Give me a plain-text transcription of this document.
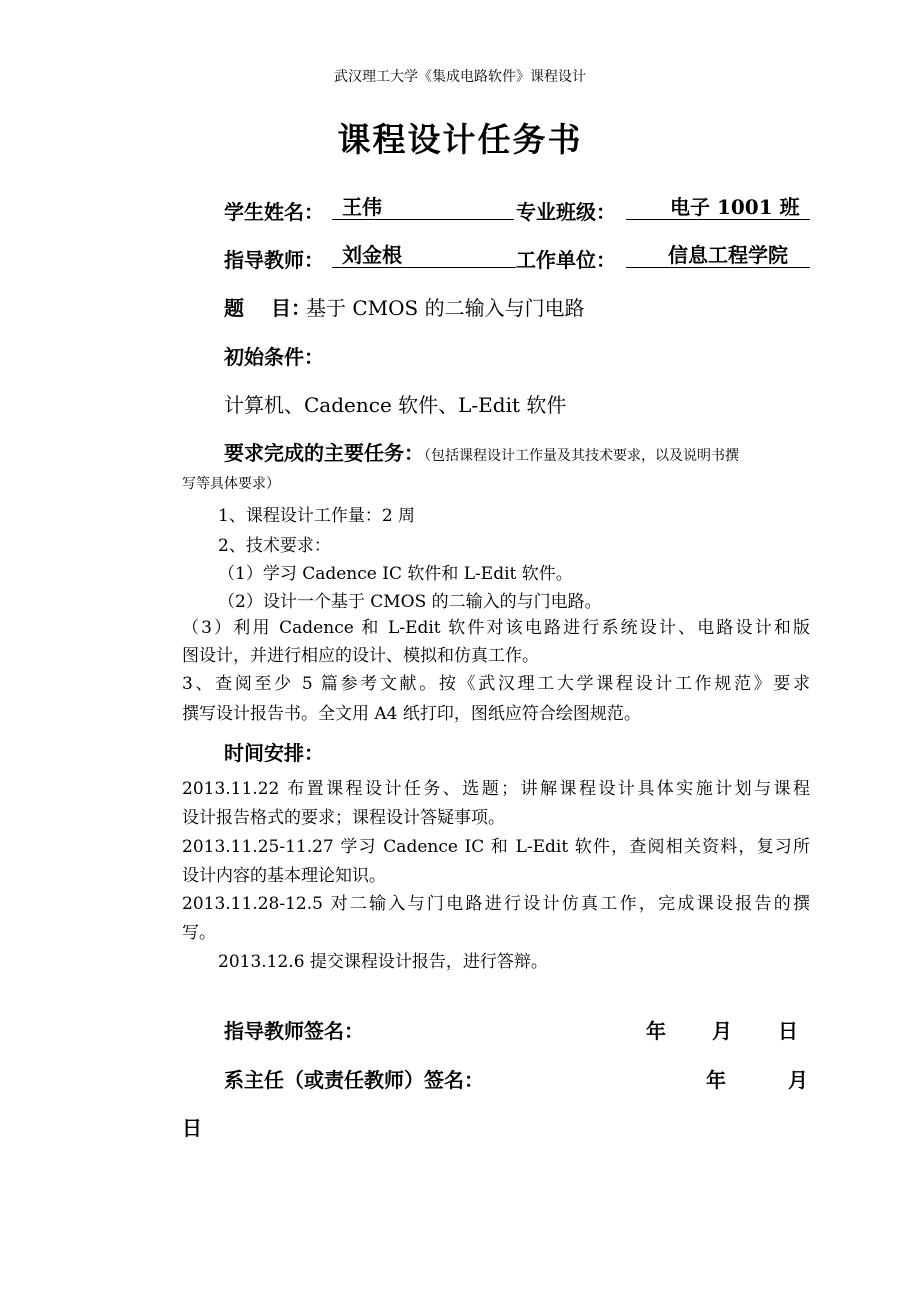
武汉理工大学《集成电路软件》课程设计
课程设计任务书
学生姓名： 王伟	专业班级：	电子 1001 班
指导教师： 刘金根	工作单位：	信息工程学院
题　 目：
基于 CMOS 的二输入与门电路
初始条件：
计算机、Cadence 软件、L-Edit 软件
要求完成的主要任务：（包括课程设计工作量及其技术要求，以及说明书撰
写等具体要求）
1、课程设计工作量：2 周
2、技术要求：
（1）学习 Cadence IC 软件和 L-Edit 软件。
（2）设计一个基于 CMOS 的二输入的与门电路。
（3）利用 Cadence 和 L-Edit 软件对该电路进行系统设计、电路设计和版
图设计，并进行相应的设计、模拟和仿真工作。
3、查阅至少 5 篇参考文献。按《武汉理工大学课程设计工作规范》要求
撰写设计报告书。全文用 A4 纸打印，图纸应符合绘图规范。
时间安排：
2013.11.22 布置课程设计任务、选题；讲解课程设计具体实施计划与课程
设计报告格式的要求；课程设计答疑事项。
2013.11.25-11.27 学习 Cadence IC 和 L-Edit 软件，查阅相关资料，复习所
设计内容的基本理论知识。
2013.11.28-12.5 对二输入与门电路进行设计仿真工作，完成课设报告的撰
写。
2013.12.6 提交课程设计报告，进行答辩。
指导教师签名：	年 月 日
系主任（或责任教师）签名：	年	月
日
